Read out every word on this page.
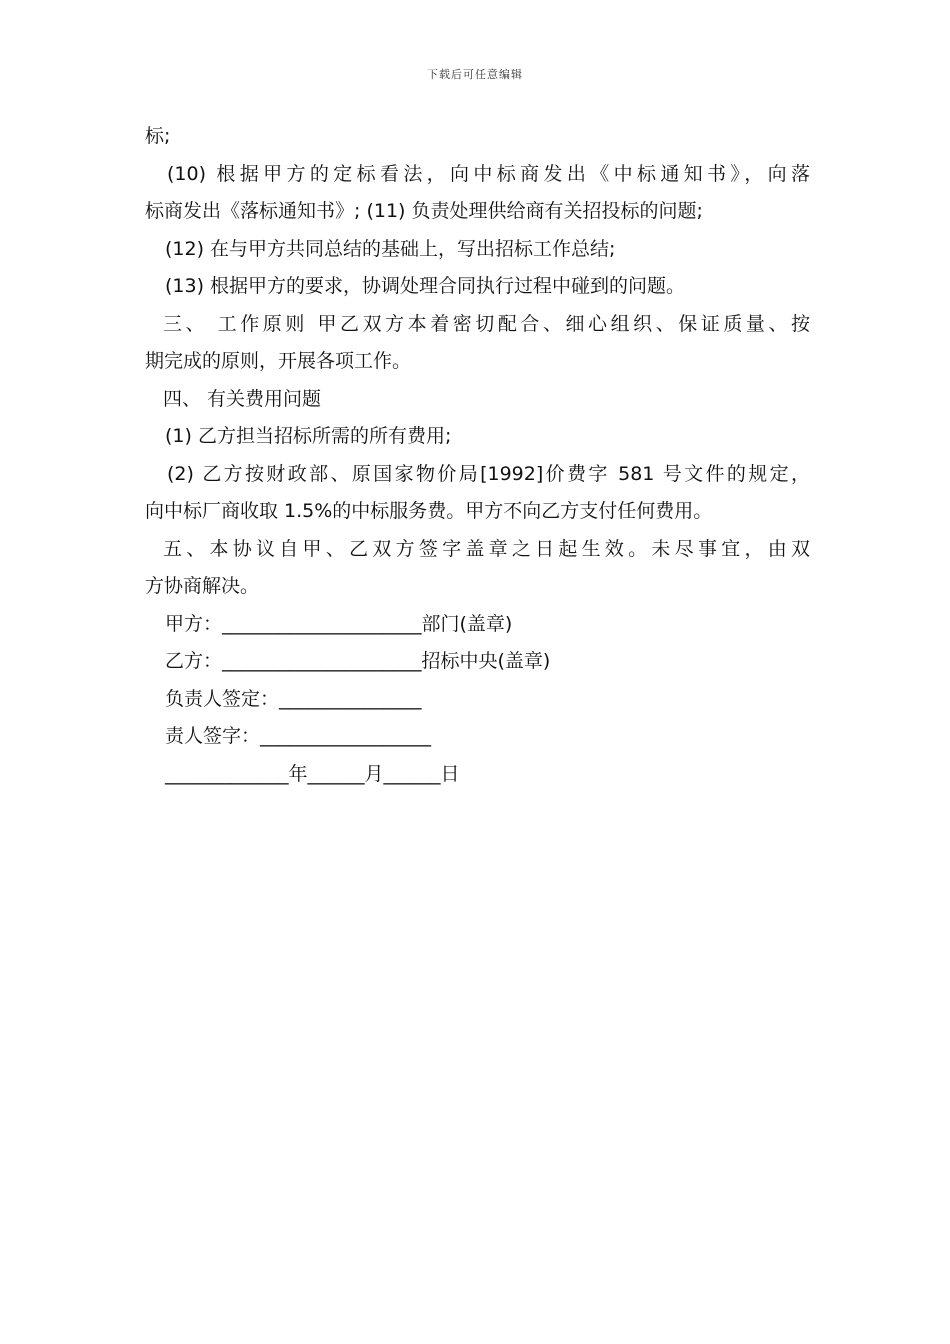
下载后可任意编辑
标;
(10) 根据甲方的定标看法，向中标商发出《中标通知书》，向落
标商发出《落标通知书》; (11) 负责处理供给商有关招投标的问题;
(12) 在与甲方共同总结的基础上，写出招标工作总结;
(13) 根据甲方的要求，协调处理合同执行过程中碰到的问题。
三、 工作原则 甲乙双方本着密切配合、细心组织、保证质量、按
期完成的原则，开展各项工作。
四、 有关费用问题
(1) 乙方担当招标所需的所有费用;
(2) 乙方按财政部、原国家物价局[1992]价费字 581 号文件的规定，
向中标厂商收取 1.5%的中标服务费。甲方不向乙方支付任何费用。
五、本协议自甲、乙双方签字盖章之日起生效。未尽事宜，由双
方协商解决。
甲方：_____________________部门(盖章)
乙方：_____________________招标中央(盖章)
负责人签定：_______________
责人签字：__________________
_____________年______月______日
